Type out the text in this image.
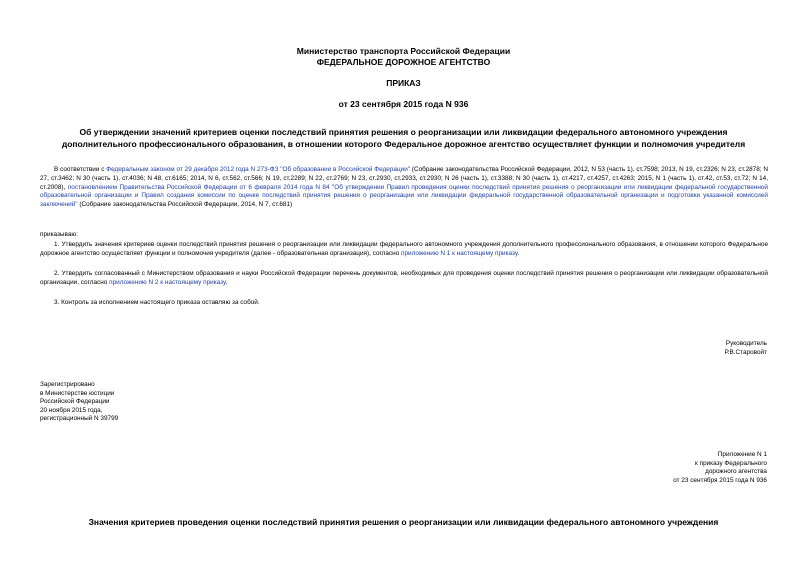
Министерство транспорта Российской Федерации
ФЕДЕРАЛЬНОЕ ДОРОЖНОЕ АГЕНТСТВО
ПРИКАЗ
от 23 сентября 2015 года N 936
Об утверждении значений критериев оценки последствий принятия решения о реорганизации или ликвидации федерального автономного учреждения
дополнительного профессионального образования, в отношении которого Федеральное дорожное агентство осуществляет функции и полномочия учредителя
В соответствии с Федеральным законом от 29 декабря 2012 года N 273-ФЗ "Об образовании в Российской Федерации" (Собрание законодательства Российской Федерации, 2012, N 53 (часть 1), ст.7598; 2013, N 19, ст.2326; N 23, ст.2878; N 27, ст.3462; N 30 (часть 1), ст.4036; N 48, ст.6165; 2014, N 6, ст.562, ст.566; N 19, ст.2289; N 22, ст.2769; N 23, ст.2930, ст.2933, ст.2930; N 26 (часть 1), ст.3388; N 30 (часть 1), ст.4217, ст.4257, ст.4263; 2015, N 1 (часть 1), ст.42, ст.53, ст.72; N 14, ст.2008), постановлением Правительства Российской Федерации от 6 февраля 2014 года N 84 "Об утверждении Правил проведения оценки последствий принятия решения о реорганизации или ликвидации федеральной государственной образовательной организации и Правил создания комиссии по оценке последствий принятия решения о реорганизации или ликвидации федеральной государственной образовательной организации и подготовки указанной комиссией заключений" (Собрание законодательства Российской Федерации, 2014, N 7, ст.681)
приказываю:
1. Утвердить значения критериев оценки последствий принятия решения о реорганизации или ликвидации федерального автономного учреждения дополнительного профессионального образования, в отношении которого Федеральное дорожное агентство осуществляет функции и полномочия учредителя (далее - образовательная организация), согласно приложению N 1 к настоящему приказу.
2. Утвердить согласованный с Министерством образования и науки Российской Федерации перечень документов, необходимых для проведения оценки последствий принятия решения о реорганизации или ликвидации образовательной организации, согласно приложению N 2 к настоящему приказу.
3. Контроль за исполнением настоящего приказа оставляю за собой.
Руководитель
Р.В.Старовойт
Зарегистрировано
в Министерстве юстиции
Российской Федерации
20 ноября 2015 года,
регистрационный N 39799
Приложение N 1
к приказу Федерального
дорожного агентства
от 23 сентября 2015 года N 936
Значения критериев проведения оценки последствий принятия решения о реорганизации или ликвидации федерального автономного учреждения
